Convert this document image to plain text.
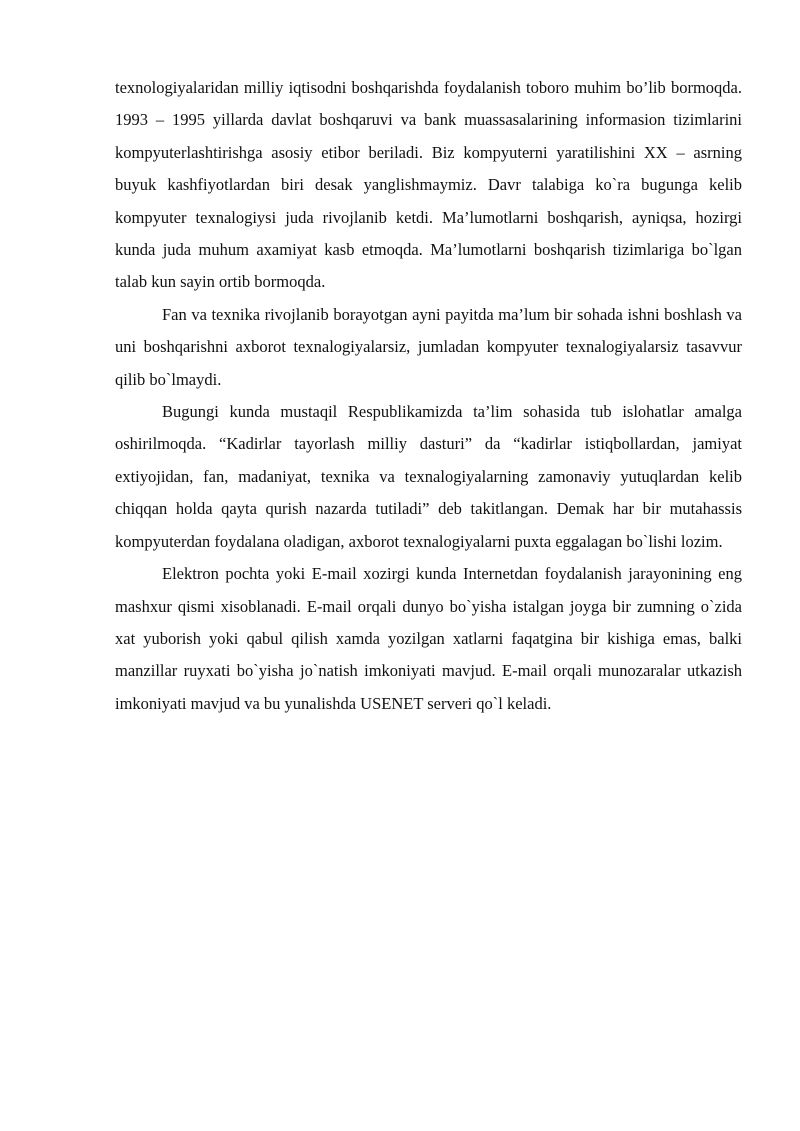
texnologiyalaridan milliy iqtisodni boshqarishda foydalanish toboro muhim bo’lib bormoqda. 1993 – 1995 yillarda davlat boshqaruvi va bank muassasalarining informasion tizimlarini kompyuterlashtirishga asosiy etibor beriladi. Biz kompyuterni yaratilishini XX – asrning buyuk kashfiyotlardan biri desak yanglishmaymiz. Davr talabiga ko`ra bugunga kelib kompyuter texnalogiysi juda rivojlanib ketdi. Ma’lumotlarni boshqarish, ayniqsa, hozirgi kunda juda muhum axamiyat kasb etmoqda. Ma’lumotlarni boshqarish tizimlariga bo`lgan talab kun sayin ortib bormoqda.

Fan va texnika rivojlanib borayotgan ayni payitda ma’lum bir sohada ishni boshlash va uni boshqarishni axborot texnalogiyalarsiz, jumladan kompyuter texnalogiyalarsiz tasavvur qilib bo`lmaydi.

Bugungi kunda mustaqil Respublikamizda ta’lim sohasida tub islohatlar amalga oshirilmoqda. “Kadirlar tayorlash milliy dasturi” da “kadirlar istiqbollardan, jamiyat extiyojidan, fan, madaniyat, texnika va texnalogiyalarning zamonaviy yutuqlardan kelib chiqqan holda qayta qurish nazarda tutiladi” deb takitlangan. Demak har bir mutahassis kompyuterdan foydalana oladigan, axborot texnalogiyalarni puxta eggalagan bo`lishi lozim.

Elektron pochta yoki E-mail xozirgi kunda Internetdan foydalanish jarayonining eng mashxur qismi xisoblanadi. E-mail orqali dunyo bo`yisha istalgan joyga bir zumning o`zida xat yuborish yoki qabul qilish xamda yozilgan xatlarni faqatgina bir kishiga emas, balki manzillar ruyxati bo`yisha jo`natish imkoniyati mavjud. E-mail orqali munozaralar utkazish imkoniyati mavjud va bu yunalishda USENET serveri qo`l keladi.
